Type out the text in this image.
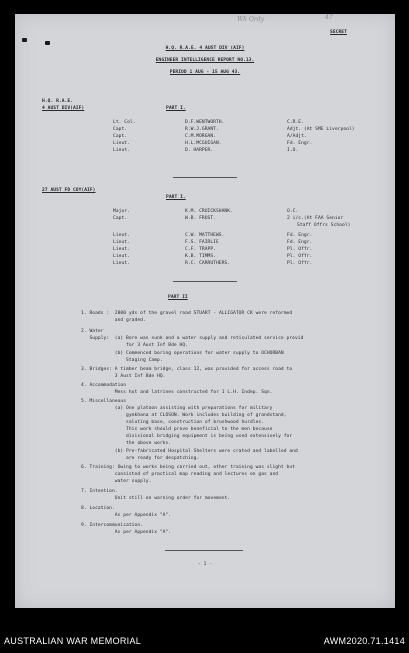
Wh Ordy	47
SECRET
H.Q. R.A.E. 4 AUST DIV (AIF)
ENGINEER INTELLIGENCE REPORT NO.13.
PERIOD 1 AUG - 15 AUG 43.
H.Q. R.A.E.
4 AUST DIV(AIF)	PART I.
Lt. Col.	D.F.WENTWORTH.	C.R.E.
Capt.	R.W.J.GRANT.	Adjt. (At SME Liverpool)
Capt.	C.M.MORGAN.	A/Adjt.
Lieut.	H.L.MCGUIGAN.	Fd. Engr.
Lieut.	D. HARPER.	I.O.
27 AUST FD COY(AIF)
PART I.
Major.	K.M. CRUICKSHANK.	O.C.
Capt.	W.B. FROST.	2 i/c.(At FAA Senior
Staff Offrs School)
Lieut.	C.W. MATTHEWS.	Fd. Engr.
Lieut.	F.S. FAIRLIE	Fd. Engr.
Lieut.	C.F. TRAPP.	Pl. Offr.
Lieut.	K.B. TIMMS.	Pl. Offr.
Lieut.	R.C. CARRUTHERS.	Pl. Offr.
PART II
1. Roads :  2800 yds of the gravel road STUART - ALLIGATOR CK were reformed
and graded.
2. Water
Supply:  (a) Bore was sunk and a water supply and reticulated service provid
for 3 Aust Inf Bde HQ.
(b) Commenced boring operations for water supply to OCHORBAN
Staging Camp.
3. Bridges: A timber beam bridge, class 12, was provided for access road to
3 Aust Inf Bde HQ.
4. Accommodation
Mess hut and latrines constructed for 1 L.H. Indep. Sqn.
5. Miscellaneous
(a) One platoon assisting with preparations for military
gymkhana at CLOSON. Work includes building of grandstand,
saluting base, construction of brushwood hurdles.
This work should prove beneficial to the men because
divisional bridging equipment is being used extensively for
the above works.
(b) Pre-fabricated Hospital Shelters were crated and labelled and
are ready for despatching.
6. Training: Owing to works being carried out, other training was slight but
consisted of practical map reading and lectures on gas and
water supply.
7. Intention.
Unit still on warning order for movement.
8. Location.
As per Appendix "A".
9. Intercommunication.
As per Appendix "A".
- 1 -
AUSTRALIAN WAR MEMORIAL	AWM2020.71.1414
